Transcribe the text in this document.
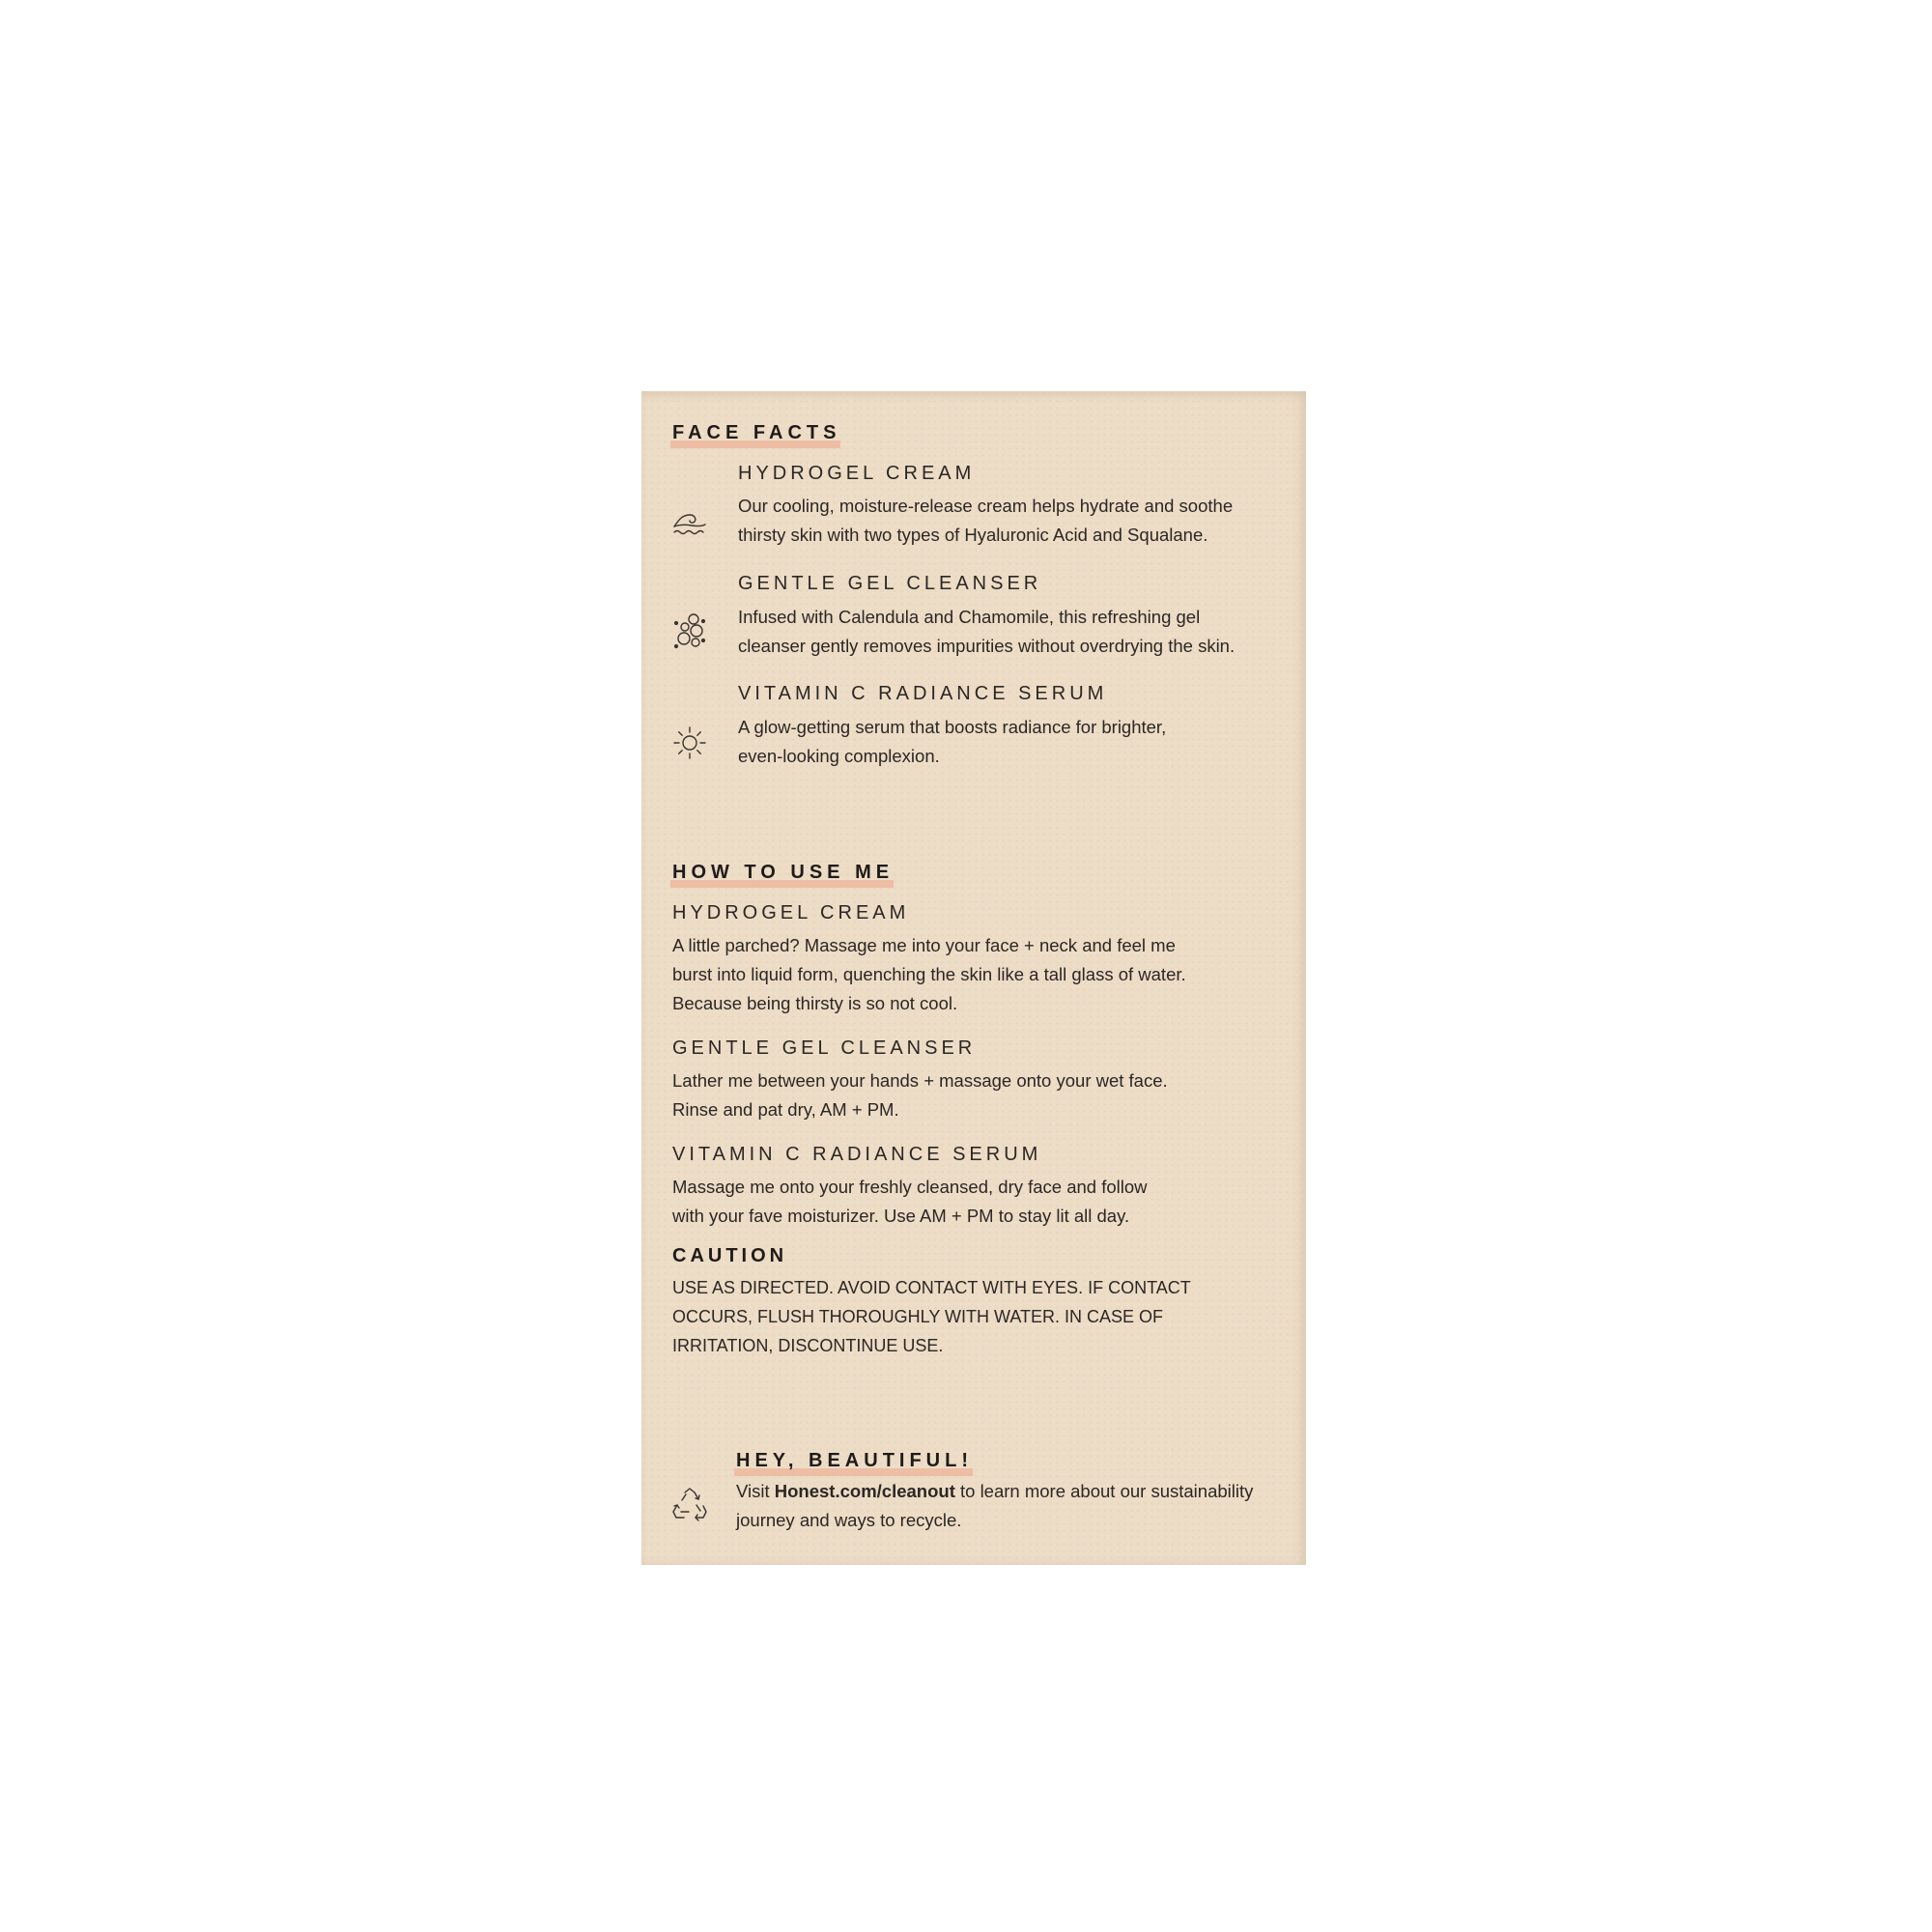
FACE FACTS
HYDROGEL CREAM
Our cooling, moisture-release cream helps hydrate and soothe
thirsty skin with two types of Hyaluronic Acid and Squalane.
GENTLE GEL CLEANSER
Infused with Calendula and Chamomile, this refreshing gel
cleanser gently removes impurities without overdrying the skin.
VITAMIN C RADIANCE SERUM
A glow-getting serum that boosts radiance for brighter,
even-looking complexion.
HOW TO USE ME
HYDROGEL CREAM
A little parched? Massage me into your face + neck and feel me
burst into liquid form, quenching the skin like a tall glass of water.
Because being thirsty is so not cool.
GENTLE GEL CLEANSER
Lather me between your hands + massage onto your wet face.
Rinse and pat dry, AM + PM.
VITAMIN C RADIANCE SERUM
Massage me onto your freshly cleansed, dry face and follow
with your fave moisturizer. Use AM + PM to stay lit all day.
CAUTION
USE AS DIRECTED. AVOID CONTACT WITH EYES. IF CONTACT
OCCURS, FLUSH THOROUGHLY WITH WATER. IN CASE OF
IRRITATION, DISCONTINUE USE.
HEY, BEAUTIFUL!
Visit Honest.com/cleanout to learn more about our sustainability
journey and ways to recycle.
